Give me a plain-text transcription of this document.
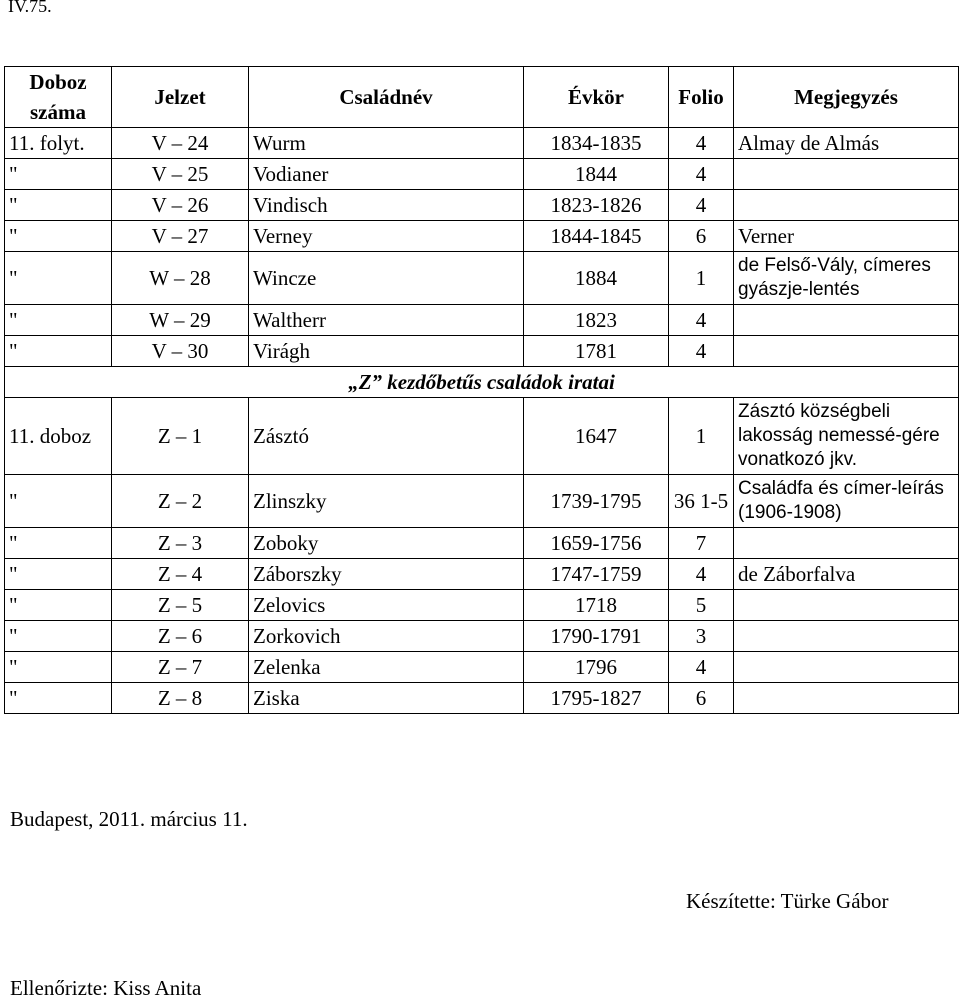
IV.75.
Doboz száma	Jelzet	Családnév	Évkör	Folio	Megjegyzés
11. folyt.	V – 24	Wurm	1834-1835	4	Almay de Almás
"	V – 25	Vodianer	1844	4	
"	V – 26	Vindisch	1823-1826	4	
"	V – 27	Verney	1844-1845	6	Verner
"	W – 28	Wincze	1884	1	de Felső-Vály, címeres gyászje-lentés
"	W – 29	Waltherr	1823	4	
"	V – 30	Virágh	1781	4	
„Z” kezdőbetűs családok iratai					
11. doboz	Z – 1	Zásztó	1647	1	Zásztó községbeli lakosság nemessé-gére vonatkozó jkv.
"	Z – 2	Zlinszky	1739-1795	36 1-5	Családfa és címer-leírás (1906-1908)
"	Z – 3	Zoboky	1659-1756	7	
"	Z – 4	Záborszky	1747-1759	4	de Záborfalva
"	Z – 5	Zelovics	1718	5	
"	Z – 6	Zorkovich	1790-1791	3	
"	Z – 7	Zelenka	1796	4	
"	Z – 8	Ziska	1795-1827	6	
Budapest, 2011. március 11.
Készítette: Türke Gábor
Ellenőrizte: Kiss Anita
